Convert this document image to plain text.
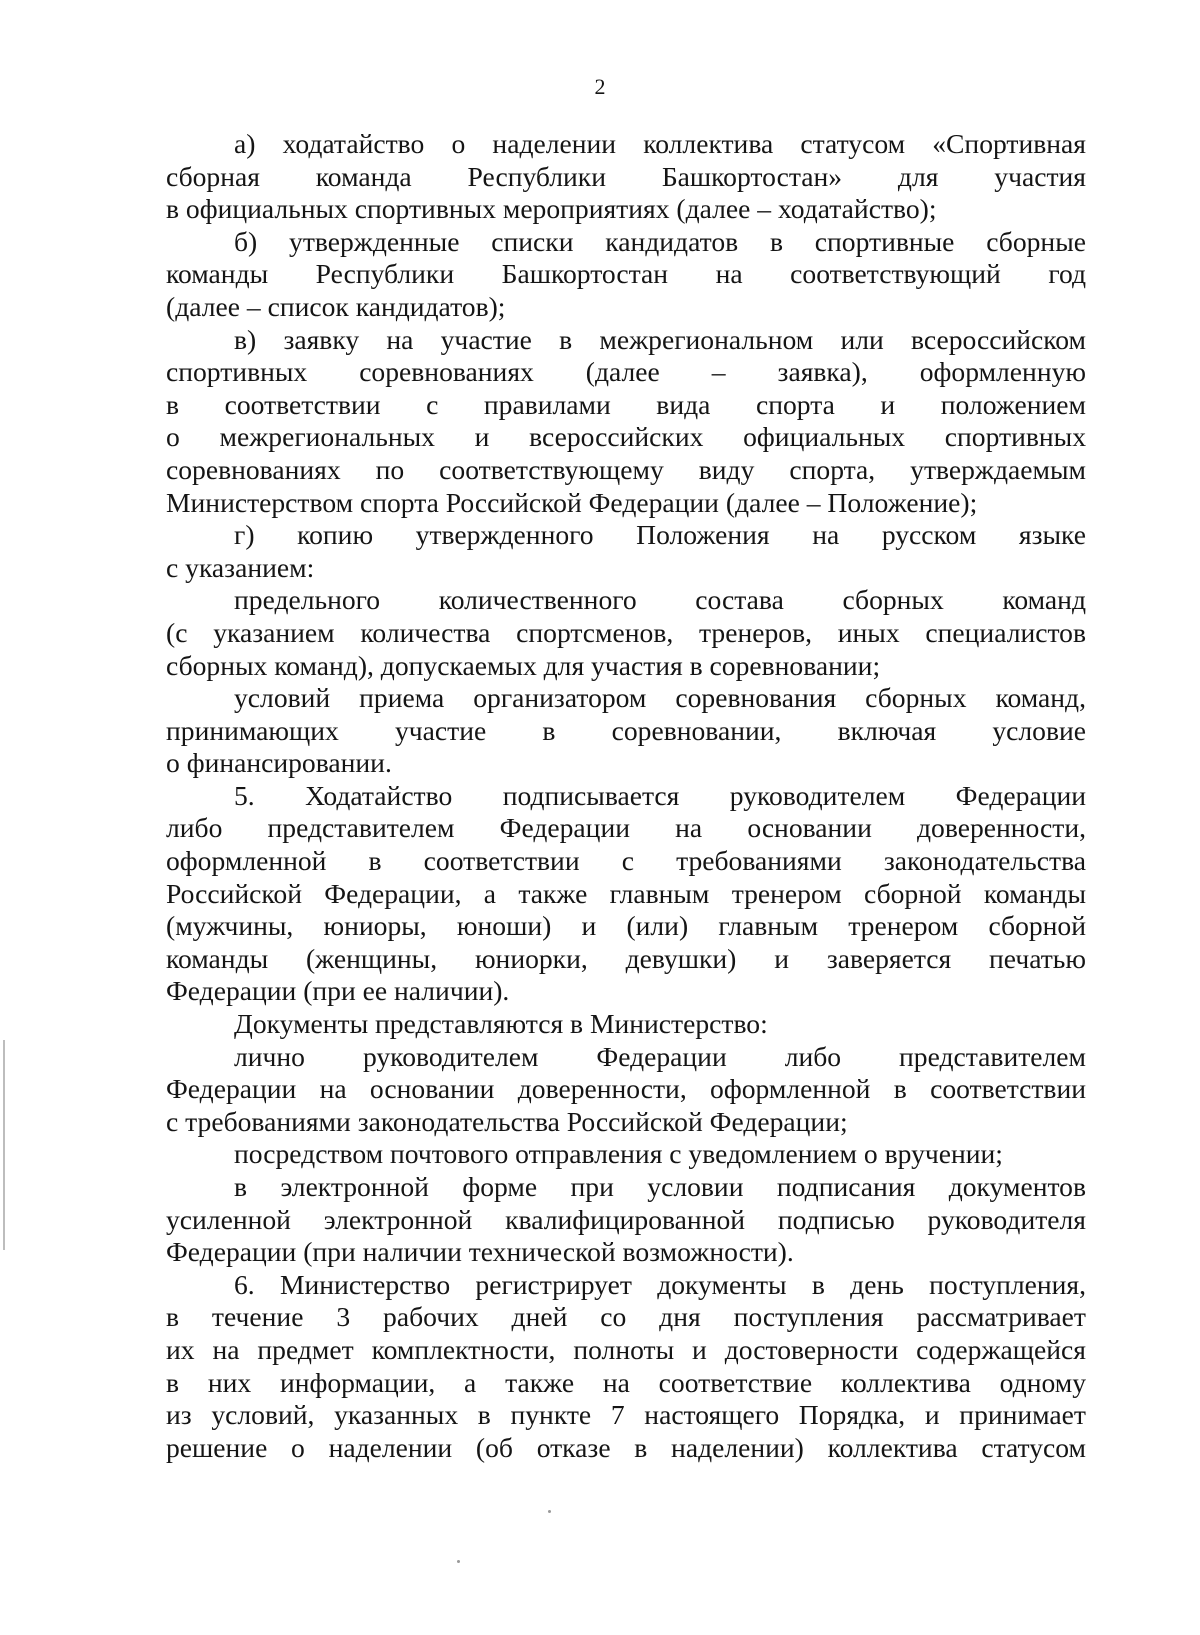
2
а) ходатайство о наделении коллектива статусом «Спортивная
сборная команда Республики Башкортостан» для участия
в официальных спортивных мероприятиях (далее – ходатайство);
б) утвержденные списки кандидатов в спортивные сборные
команды Республики Башкортостан на соответствующий год
(далее – список кандидатов);
в) заявку на участие в межрегиональном или всероссийском
спортивных соревнованиях (далее – заявка), оформленную
в соответствии с правилами вида спорта и положением
о межрегиональных и всероссийских официальных спортивных
соревнованиях по соответствующему виду спорта, утверждаемым
Министерством спорта Российской Федерации (далее – Положение);
г) копию утвержденного Положения на русском языке
с указанием:
предельного количественного состава сборных команд
(с указанием количества спортсменов, тренеров, иных специалистов
сборных команд), допускаемых для участия в соревновании;
условий приема организатором соревнования сборных команд,
принимающих участие в соревновании, включая условие
о финансировании.
5. Ходатайство подписывается руководителем Федерации
либо представителем Федерации на основании доверенности,
оформленной в соответствии с требованиями законодательства
Российской Федерации, а также главным тренером сборной команды
(мужчины, юниоры, юноши) и (или) главным тренером сборной
команды (женщины, юниорки, девушки) и заверяется печатью
Федерации (при ее наличии).
Документы представляются в Министерство:
лично руководителем Федерации либо представителем
Федерации на основании доверенности, оформленной в соответствии
с требованиями законодательства Российской Федерации;
посредством почтового отправления с уведомлением о вручении;
в электронной форме при условии подписания документов
усиленной электронной квалифицированной подписью руководителя
Федерации (при наличии технической возможности).
6. Министерство регистрирует документы в день поступления,
в течение 3 рабочих дней со дня поступления рассматривает
их на предмет комплектности, полноты и достоверности содержащейся
в них информации, а также на соответствие коллектива одному
из условий, указанных в пункте 7 настоящего Порядка, и принимает
решение о наделении (об отказе в наделении) коллектива статусом
